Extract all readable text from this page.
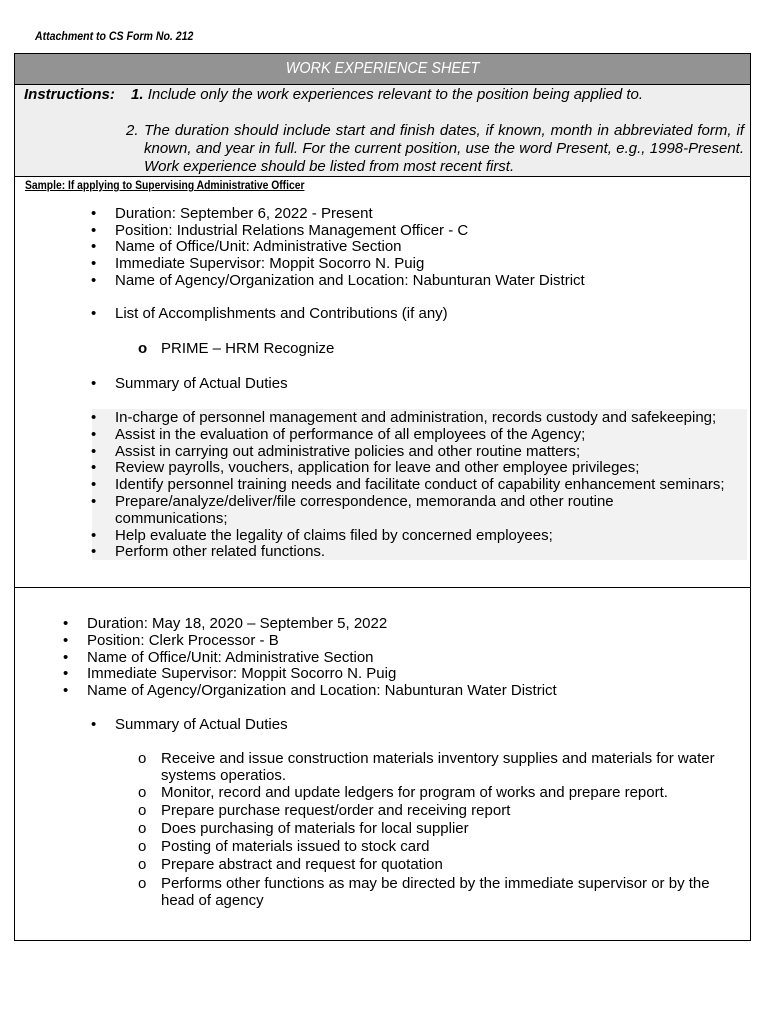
Attachment to CS Form No. 212
WORK EXPERIENCE SHEET
Instructions: 1. Include only the work experiences relevant to the position being applied to.
2. The duration should include start and finish dates, if known, month in abbreviated form, if known, and year in full. For the current position, use the word Present, e.g., 1998-Present. Work experience should be listed from most recent first.
Sample: If applying to Supervising Administrative Officer
• Duration: September 6, 2022 - Present
• Position: Industrial Relations Management Officer - C
• Name of Office/Unit: Administrative Section
• Immediate Supervisor: Moppit Socorro N. Puig
• Name of Agency/Organization and Location: Nabunturan Water District
• List of Accomplishments and Contributions (if any)
o PRIME – HRM Recognize
• Summary of Actual Duties
• In-charge of personnel management and administration, records custody and safekeeping;
• Assist in the evaluation of performance of all employees of the Agency;
• Assist in carrying out administrative policies and other routine matters;
• Review payrolls, vouchers, application for leave and other employee privileges;
• Identify personnel training needs and facilitate conduct of capability enhancement seminars;
• Prepare/analyze/deliver/file correspondence, memoranda and other routine communications;
• Help evaluate the legality of claims filed by concerned employees;
• Perform other related functions.
• Duration: May 18, 2020 – September 5, 2022
• Position: Clerk Processor - B
• Name of Office/Unit: Administrative Section
• Immediate Supervisor: Moppit Socorro N. Puig
• Name of Agency/Organization and Location: Nabunturan Water District
• Summary of Actual Duties
o Receive and issue construction materials inventory supplies and materials for water systems operatios.
o Monitor, record and update ledgers for program of works and prepare report.
o Prepare purchase request/order and receiving report
o Does purchasing of materials for local supplier
o Posting of materials issued to stock card
o Prepare abstract and request for quotation
o Performs other functions as may be directed by the immediate supervisor or by the head of agency
